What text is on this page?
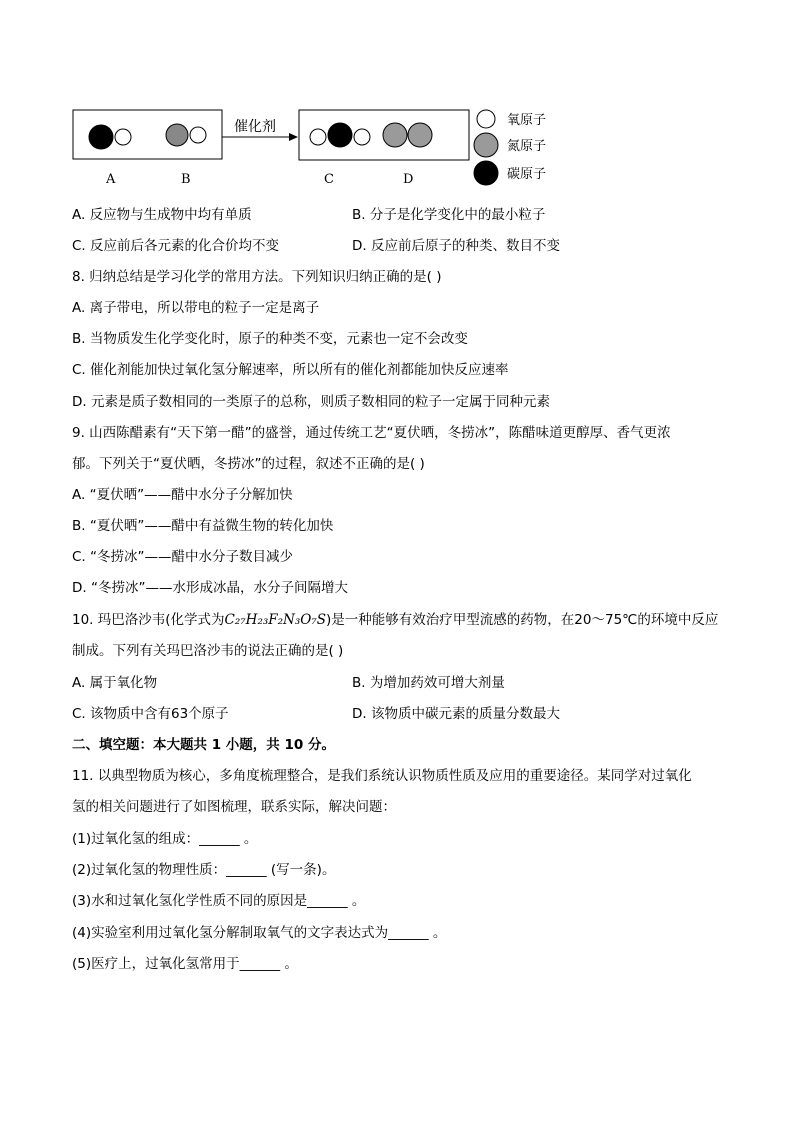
催化剂
A	B	C	D
氧原子
氮原子
碳原子
A. 反应物与生成物中均有单质	B. 分子是化学变化中的最小粒子
C. 反应前后各元素的化合价均不变	D. 反应前后原子的种类、数目不变
8. 归纳总结是学习化学的常用方法。下列知识归纳正确的是( )
A. 离子带电，所以带电的粒子一定是离子
B. 当物质发生化学变化时，原子的种类不变，元素也一定不会改变
C. 催化剂能加快过氧化氢分解速率，所以所有的催化剂都能加快反应速率
D. 元素是质子数相同的一类原子的总称，则质子数相同的粒子一定属于同种元素
9. 山西陈醋素有“天下第一醋”的盛誉，通过传统工艺“夏伏晒，冬捞冰”，陈醋味道更醇厚、香气更浓
郁。下列关于“夏伏晒，冬捞冰”的过程，叙述不正确的是( )
A. “夏伏晒”——醋中水分子分解加快
B. “夏伏晒”——醋中有益微生物的转化加快
C. “冬捞冰”——醋中水分子数目减少
D. “冬捞冰”——水形成冰晶，水分子间隔增大
10. 玛巴洛沙韦(化学式为C₂₇H₂₃F₂N₃O₇S)是一种能够有效治疗甲型流感的药物，在20～75℃的环境中反应
制成。下列有关玛巴洛沙韦的说法正确的是( )
A. 属于氧化物	B. 为增加药效可增大剂量
C. 该物质中含有63个原子	D. 该物质中碳元素的质量分数最大
二、填空题：本大题共 1 小题，共 10 分。
11. 以典型物质为核心，多角度梳理整合，是我们系统认识物质性质及应用的重要途径。某同学对过氧化
氢的相关问题进行了如图梳理，联系实际，解决问题：
(1)过氧化氢的组成：______ 。
(2)过氧化氢的物理性质：______ (写一条)。
(3)水和过氧化氢化学性质不同的原因是______ 。
(4)实验室利用过氧化氢分解制取氧气的文字表达式为______ 。
(5)医疗上，过氧化氢常用于______ 。
